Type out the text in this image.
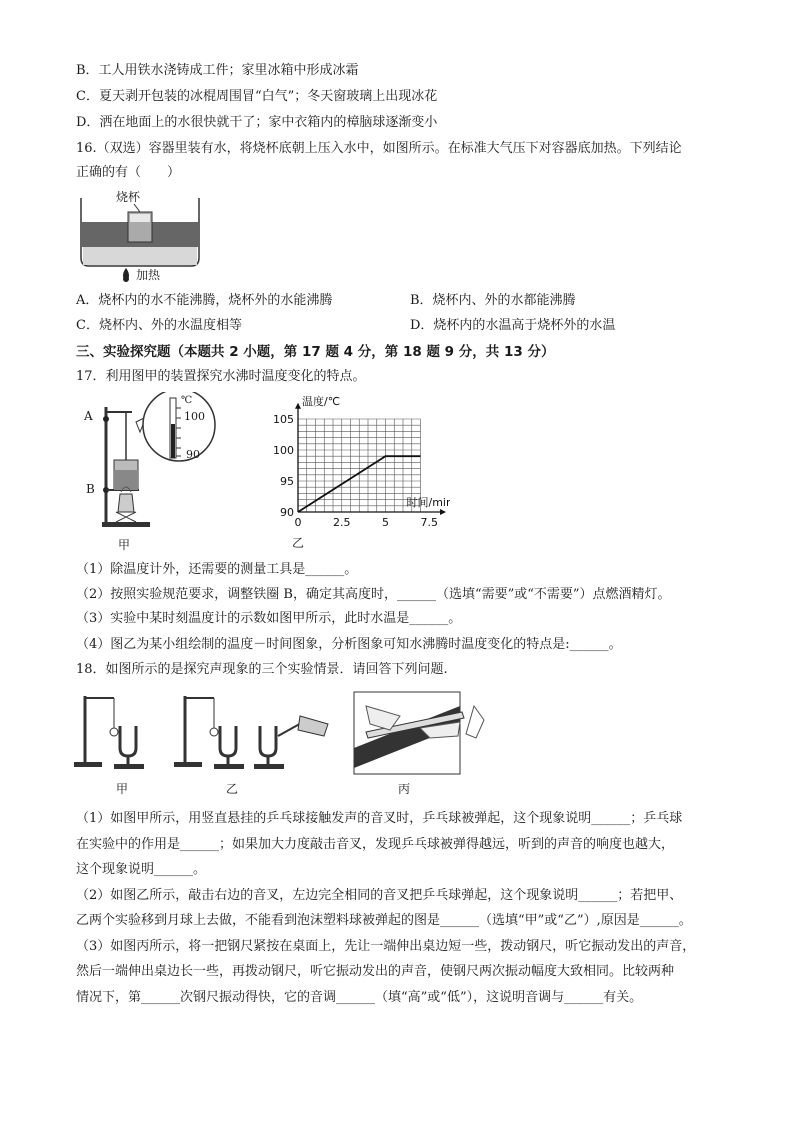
B．工人用铁水浇铸成工件；家里冰箱中形成冰霜
C．夏天剥开包装的冰棍周围冒“白气”；冬天窗玻璃上出现冰花
D．洒在地面上的水很快就干了；家中衣箱内的樟脑球逐渐变小
16.（双选）容器里装有水，将烧杯底朝上压入水中，如图所示。在标准大气压下对容器底加热。下列结论
正确的有（　　）
烧杯
加热
A．烧杯内的水不能沸腾，烧杯外的水能沸腾	B．烧杯内、外的水都能沸腾
C．烧杯内、外的水温度相等	D．烧杯内的水温高于烧杯外的水温
三、实验探究题（本题共 2 小题，第 17 题 4 分，第 18 题 9 分，共 13 分）
17．利用图甲的装置探究水沸时温度变化的特点。
A
B
℃
100
90
甲
0	2.5	5	7.5
90
95
100
105
温度/℃
时间/min
乙
（1）除温度计外，还需要的测量工具是______。
（2）按照实验规范要求，调整铁圈 B，确定其高度时，______（选填“需要”或“不需要”）点燃酒精灯。
（3）实验中某时刻温度计的示数如图甲所示，此时水温是______。
（4）图乙为某小组绘制的温度－时间图象，分析图象可知水沸腾时温度变化的特点是:______。
18．如图所示的是探究声现象的三个实验情景．请回答下列问题.
甲	乙	丙
（1）如图甲所示，用竖直悬挂的乒乓球接触发声的音叉时，乒乓球被弹起，这个现象说明______；乒乓球
在实验中的作用是______；如果加大力度敲击音叉，发现乒乓球被弹得越远，听到的声音的响度也越大，
这个现象说明______。
（2）如图乙所示，敲击右边的音叉，左边完全相同的音叉把乒乓球弹起，这个现象说明______；若把甲、
乙两个实验移到月球上去做，不能看到泡沫塑料球被弹起的图是______（选填“甲”或“乙”）,原因是______。
（3）如图丙所示，将一把钢尺紧按在桌面上，先让一端伸出桌边短一些，拨动钢尺，听它振动发出的声音，
然后一端伸出桌边长一些，再拨动钢尺，听它振动发出的声音，使钢尺两次振动幅度大致相同。比较两种
情况下，第______次钢尺振动得快，它的音调______（填“高”或“低”），这说明音调与______有关。
